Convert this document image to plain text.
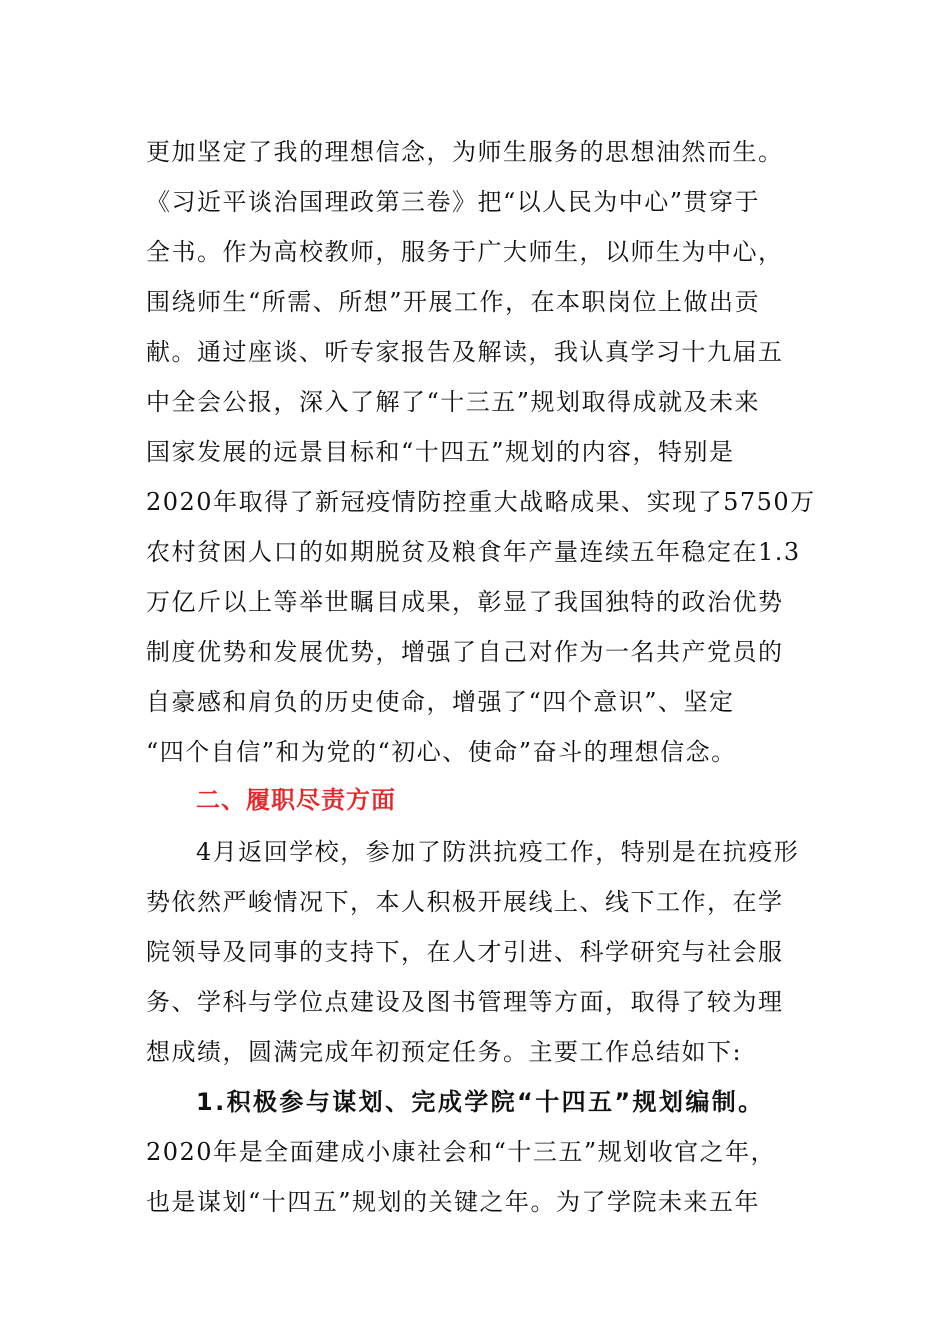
更加坚定了我的理想信念，为师生服务的思想油然而生。
《习近平谈治国理政第三卷》把“以人民为中心”贯穿于
全书。作为高校教师，服务于广大师生，以师生为中心，
围绕师生“所需、所想”开展工作，在本职岗位上做出贡
献。通过座谈、听专家报告及解读，我认真学习十九届五
中全会公报，深入了解了“十三五”规划取得成就及未来
国家发展的远景目标和“十四五”规划的内容，特别是
2020年取得了新冠疫情防控重大战略成果、实现了5750万
农村贫困人口的如期脱贫及粮食年产量连续五年稳定在1.3
万亿斤以上等举世瞩目成果，彰显了我国独特的政治优势
制度优势和发展优势，增强了自己对作为一名共产党员的
自豪感和肩负的历史使命，增强了“四个意识”、坚定
“四个自信”和为党的“初心、使命”奋斗的理想信念。
二、履职尽责方面
4月返回学校，参加了防洪抗疫工作，特别是在抗疫形
势依然严峻情况下，本人积极开展线上、线下工作，在学
院领导及同事的支持下，在人才引进、科学研究与社会服
务、学科与学位点建设及图书管理等方面，取得了较为理
想成绩，圆满完成年初预定任务。主要工作总结如下:
1.积极参与谋划、完成学院“十四五”规划编制。
2020年是全面建成小康社会和“十三五”规划收官之年，
也是谋划“十四五”规划的关键之年。为了学院未来五年
